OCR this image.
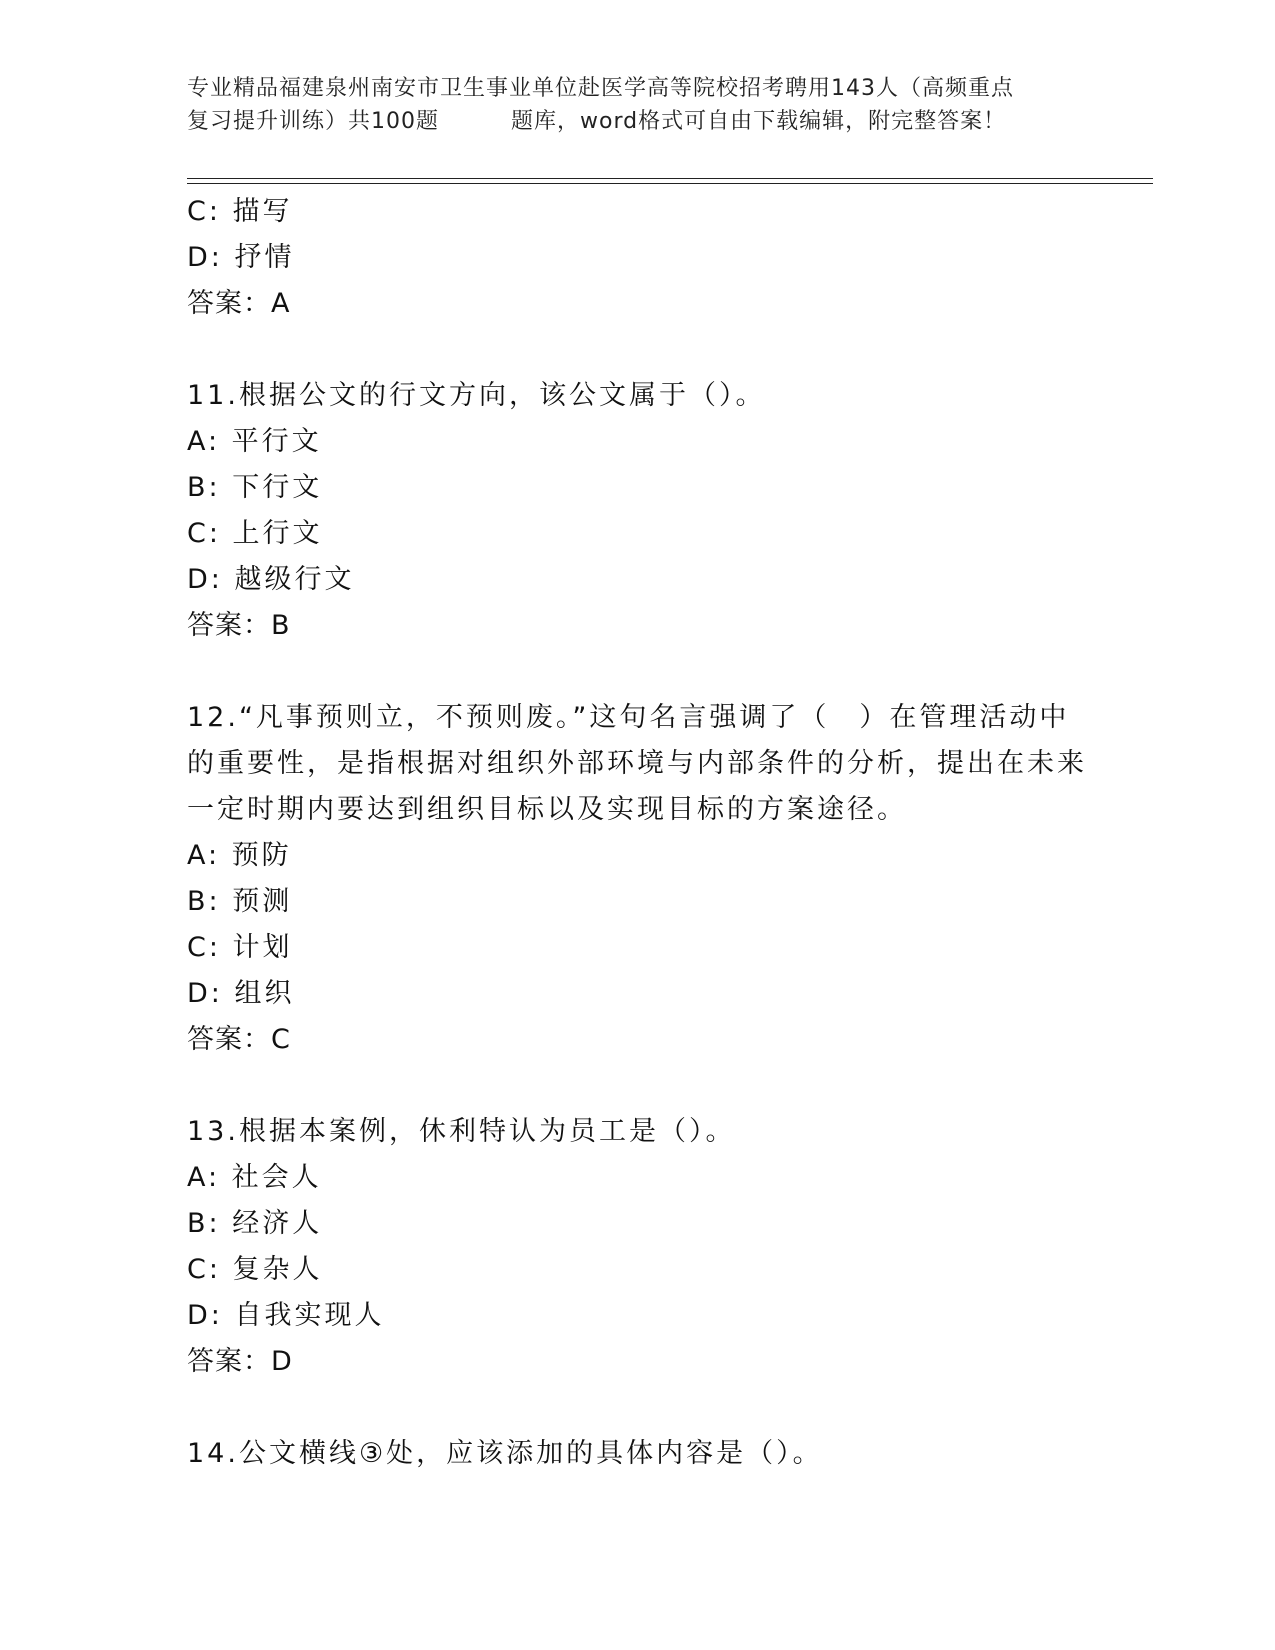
专业精品福建泉州南安市卫生事业单位赴医学高等院校招考聘用143人（高频重点
复习提升训练）共100题	题库，word格式可自由下载编辑，附完整答案！
C: 描写
D: 抒情
答案：A
11.根据公文的行文方向，该公文属于（）。
A: 平行文
B: 下行文
C: 上行文
D: 越级行文
答案：B
12.“凡事预则立，不预则废。”这句名言强调了（　）在管理活动中
的重要性，是指根据对组织外部环境与内部条件的分析，提出在未来
一定时期内要达到组织目标以及实现目标的方案途径。
A: 预防
B: 预测
C: 计划
D: 组织
答案：C
13.根据本案例，休利特认为员工是（）。
A: 社会人
B: 经济人
C: 复杂人
D: 自我实现人
答案：D
14.公文横线③处，应该添加的具体内容是（）。
